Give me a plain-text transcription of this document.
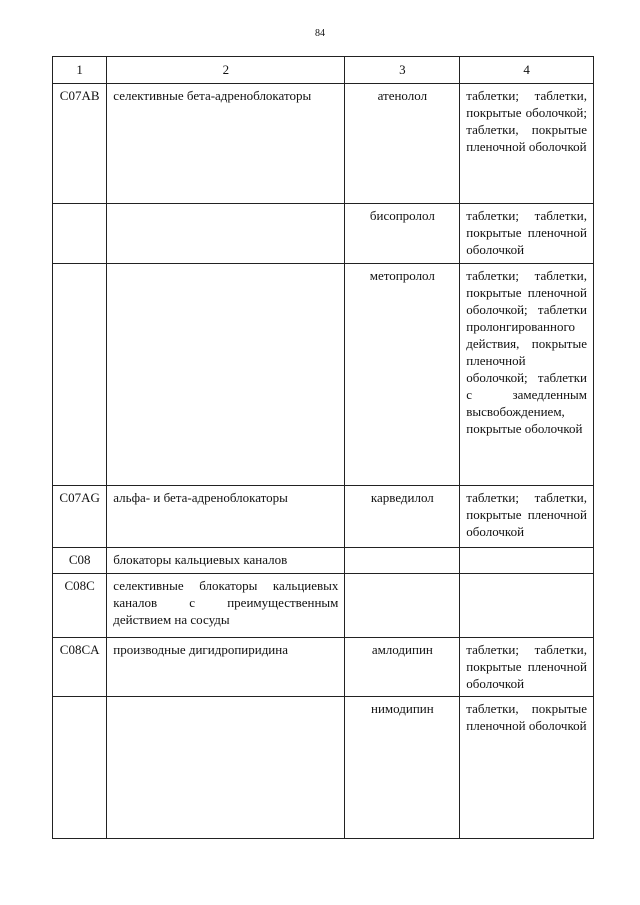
84
1	2	3	4
C07AB	селективные бета-адреноблокаторы	атенолол	таблетки; таблетки, покрытые оболочкой; таблетки, покрытые пленочной оболочкой
		бисопролол	таблетки; таблетки, покрытые пленочной оболочкой
		метопролол	таблетки; таблетки, покрытые пленочной оболочкой; таблетки пролонгированного действия, покрытые пленочной оболочкой; таблетки с замедленным высвобождением, покрытые оболочкой
C07AG	альфа- и бета-адреноблокаторы	карведилол	таблетки; таблетки, покрытые пленочной оболочкой
C08	блокаторы кальциевых каналов		
C08C	селективные блокаторы кальциевых каналов с преимущественным действием на сосуды		
C08CA	производные дигидропиридина	амлодипин	таблетки; таблетки, покрытые пленочной оболочкой
		нимодипин	таблетки, покрытые пленочной оболочкой
